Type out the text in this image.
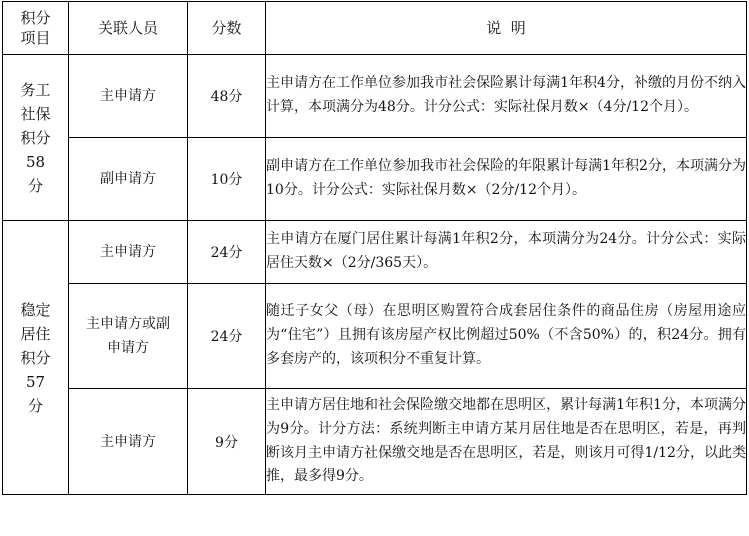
积分项目	关联人员	分数	说  明

务工社保积分58分	主申请方	48分	主申请方在工作单位参加我市社会保险累计每满1年积4分，补缴的月份不纳入计算，本项满分为48分。计分公式：实际社保月数×（4分/12个月）。
	副申请方	10分	副申请方在工作单位参加我市社会保险的年限累计每满1年积2分，本项满分为10分。计分公式：实际社保月数×（2分/12个月）。

稳定居住积分57分	主申请方	24分	主申请方在厦门居住累计每满1年积2分，本项满分为24分。计分公式：实际居住天数×（2分/365天）。

	主申请方或副申请方	24分	随迁子女父（母）在思明区购置符合成套居住条件的商品住房（房屋用途应为“住宅”）且拥有该房屋产权比例超过50%（不含50%）的，积24分。拥有多套房产的，该项积分不重复计算。
	主申请方	9分	主申请方居住地和社会保险缴交地都在思明区，累计每满1年积1分，本项满分为9分。计分方法：系统判断主申请方某月居住地是否在思明区，若是，再判断该月主申请方社保缴交地是否在思明区，若是，则该月可得1/12分，以此类推，最多得9分。
